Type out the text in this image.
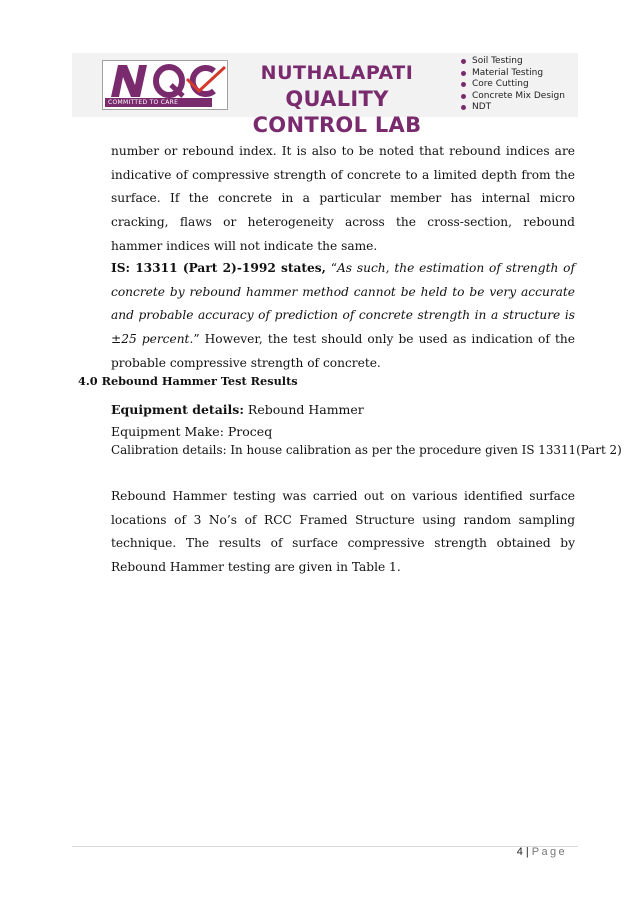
COMMITTED TO CARE
NUTHALAPATI
QUALITY CONTROL LAB
Soil Testing
Material Testing
Core Cutting
Concrete Mix Design
NDT

number or rebound index. It is also to be noted that rebound indices are indicative of compressive strength of concrete to a limited depth from the surface. If the concrete in a particular member has internal micro cracking, flaws or heterogeneity across the cross-section, rebound hammer indices will not indicate the same.

IS: 13311 (Part 2)-1992 states, “As such, the estimation of strength of concrete by rebound hammer method cannot be held to be very accurate and probable accuracy of prediction of concrete strength in a structure is ±25 percent.” However, the test should only be used as indication of the probable compressive strength of concrete.

4.0 Rebound Hammer Test Results

Equipment details: Rebound Hammer

Equipment Make: Proceq

Calibration details: In house calibration as per the procedure given IS 13311(Part 2)

Rebound Hammer testing was carried out on various identified surface locations of 3 No’s of RCC Framed Structure using random sampling technique. The results of surface compressive strength obtained by Rebound Hammer testing are given in Table 1.

4 | Page
